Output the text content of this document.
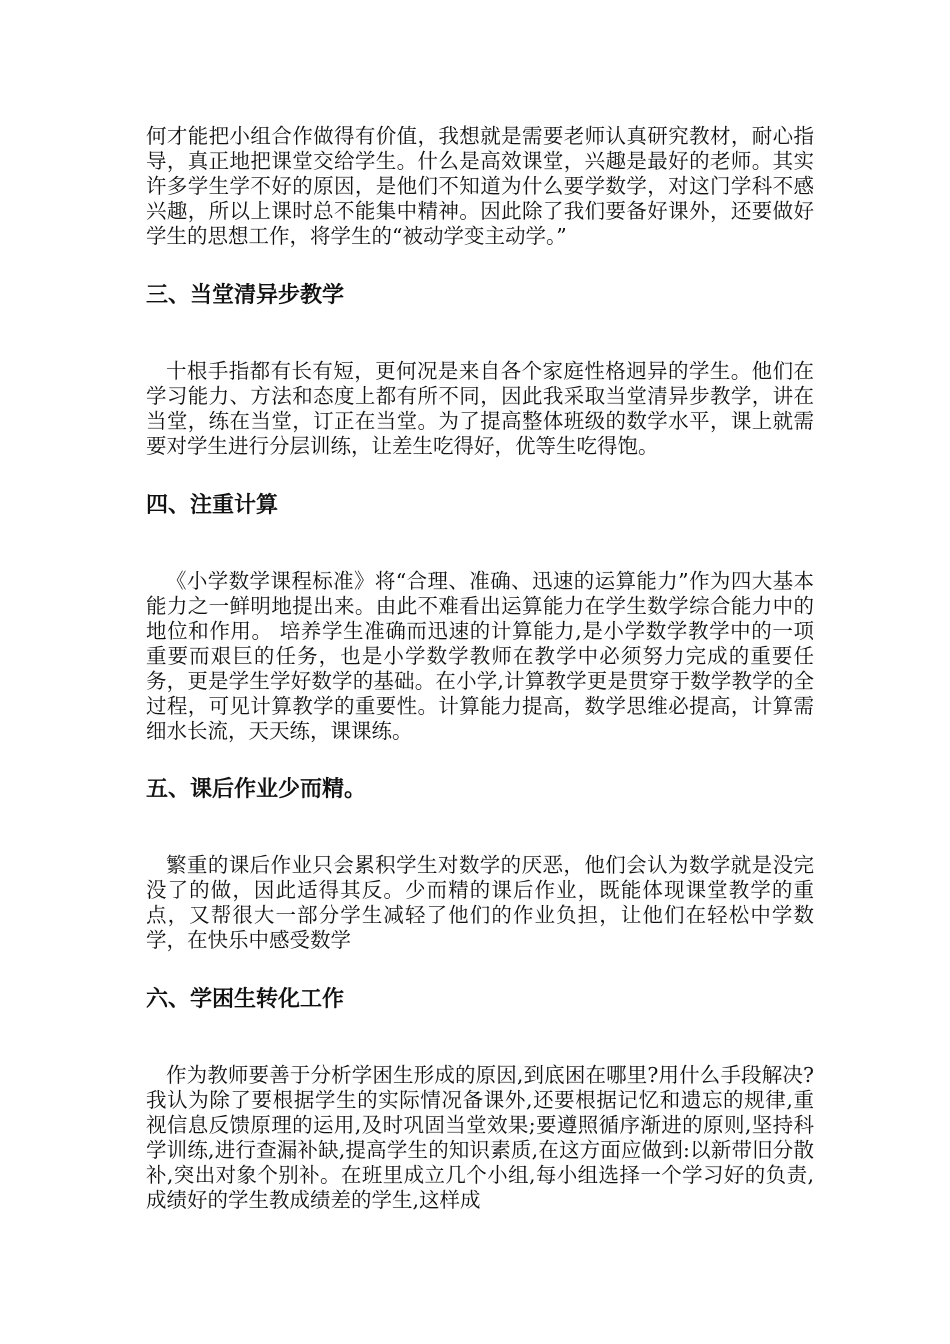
何才能把小组合作做得有价值，我想就是需要老师认真研究教材，耐心指导，真正地把课堂交给学生。什么是高效课堂，兴趣是最好的老师。其实许多学生学不好的原因，是他们不知道为什么要学数学，对这门学科不感兴趣，所以上课时总不能集中精神。因此除了我们要备好课外，还要做好学生的思想工作，将学生的“被动学变主动学。”

三、当堂清异步教学

十根手指都有长有短，更何况是来自各个家庭性格迥异的学生。他们在学习能力、方法和态度上都有所不同，因此我采取当堂清异步教学，讲在当堂，练在当堂，订正在当堂。为了提高整体班级的数学水平，课上就需要对学生进行分层训练，让差生吃得好，优等生吃得饱。

四、注重计算

《小学数学课程标准》将“合理、准确、迅速的运算能力”作为四大基本能力之一鲜明地提出来。由此不难看出运算能力在学生数学综合能力中的地位和作用。 培养学生准确而迅速的计算能力,是小学数学教学中的一项重要而艰巨的任务，也是小学数学教师在教学中必须努力完成的重要任务，更是学生学好数学的基础。在小学,计算教学更是贯穿于数学教学的全过程，可见计算教学的重要性。计算能力提高，数学思维必提高，计算需细水长流，天天练，课课练。

五、课后作业少而精。

繁重的课后作业只会累积学生对数学的厌恶，他们会认为数学就是没完没了的做，因此适得其反。少而精的课后作业，既能体现课堂教学的重点，又帮很大一部分学生减轻了他们的作业负担，让他们在轻松中学数学，在快乐中感受数学

六、学困生转化工作

作为教师要善于分析学困生形成的原因,到底困在哪里?用什么手段解决?我认为除了要根据学生的实际情况备课外,还要根据记忆和遗忘的规律,重视信息反馈原理的运用,及时巩固当堂效果;要遵照循序渐进的原则,坚持科学训练,进行查漏补缺,提高学生的知识素质,在这方面应做到:以新带旧分散补,突出对象个别补。在班里成立几个小组,每小组选择一个学习好的负责,成绩好的学生教成绩差的学生,这样成
